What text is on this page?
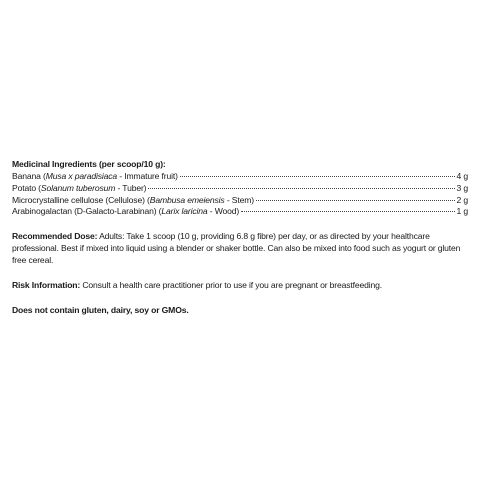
Medicinal Ingredients (per scoop/10 g):

Banana (Musa x paradisiaca - Immature fruit)	4 g
Potato (Solanum tuberosum - Tuber)	3 g
Microcrystalline cellulose (Cellulose) (Bambusa emeiensis - Stem)	2 g
Arabinogalactan (D-Galacto-Larabinan) (Larix laricina - Wood)	1 g

Recommended Dose: Adults: Take 1 scoop (10 g, providing 6.8 g fibre) per day, or as directed by your healthcare professional. Best if mixed into liquid using a blender or shaker bottle. Can also be mixed into food such as yogurt or gluten free cereal.

Risk Information: Consult a health care practitioner prior to use if you are pregnant or breastfeeding.

Does not contain gluten, dairy, soy or GMOs.
